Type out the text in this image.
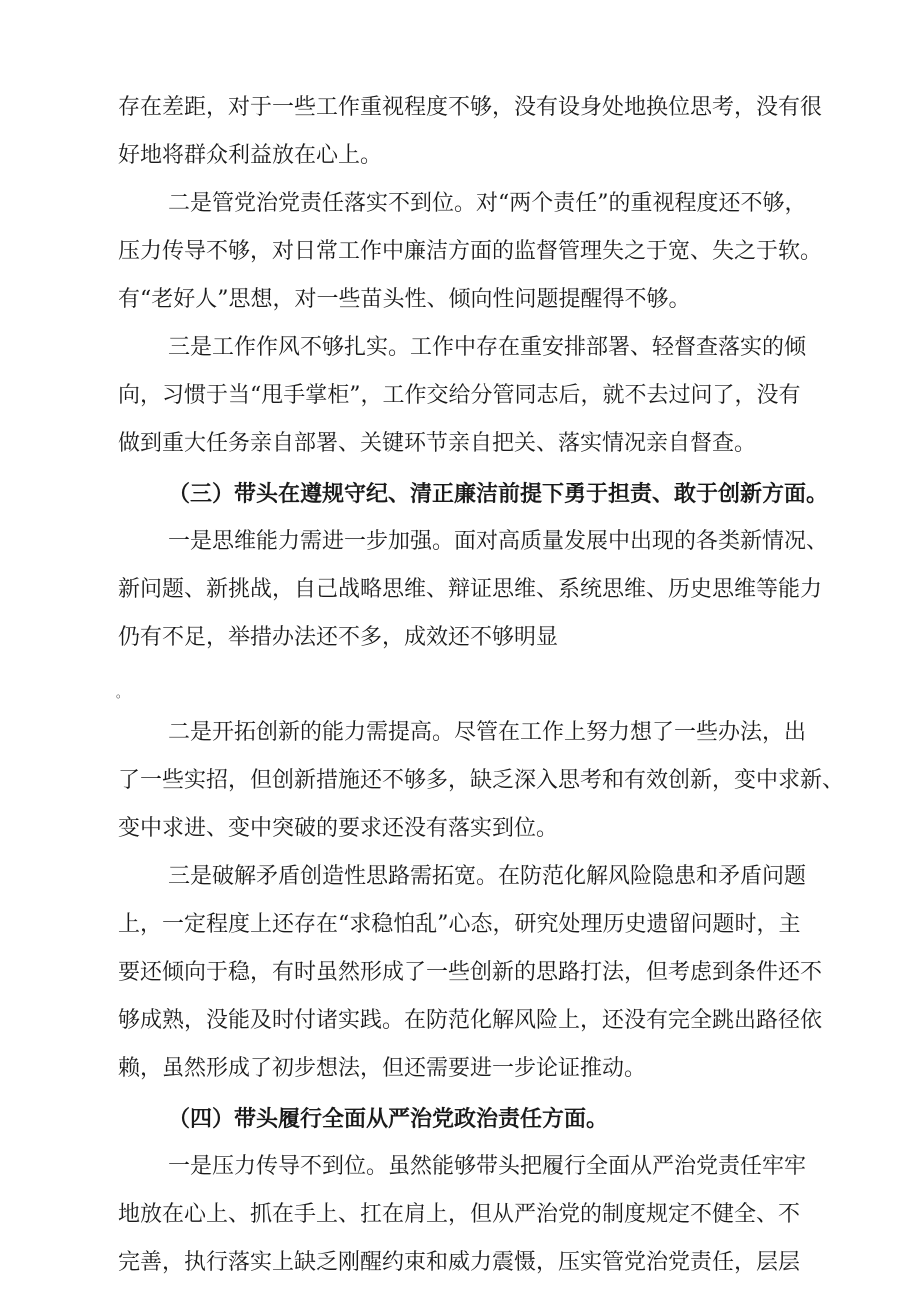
存在差距，对于一些工作重视程度不够，没有设身处地换位思考，没有很
好地将群众利益放在心上。
二是管党治党责任落实不到位。对“两个责任”的重视程度还不够，
压力传导不够，对日常工作中廉洁方面的监督管理失之于宽、失之于软。
有“老好人”思想，对一些苗头性、倾向性问题提醒得不够。
三是工作作风不够扎实。工作中存在重安排部署、轻督查落实的倾
向，习惯于当“甩手掌柜”，工作交给分管同志后，就不去过问了，没有
做到重大任务亲自部署、关键环节亲自把关、落实情况亲自督查。
（三）带头在遵规守纪、清正廉洁前提下勇于担责、敢于创新方面。
一是思维能力需进一步加强。面对高质量发展中出现的各类新情况、
新问题、新挑战，自己战略思维、辩证思维、系统思维、历史思维等能力
仍有不足，举措办法还不多，成效还不够明显
。
二是开拓创新的能力需提高。尽管在工作上努力想了一些办法，出
了一些实招，但创新措施还不够多，缺乏深入思考和有效创新，变中求新、
变中求进、变中突破的要求还没有落实到位。
三是破解矛盾创造性思路需拓宽。在防范化解风险隐患和矛盾问题
上，一定程度上还存在“求稳怕乱”心态，研究处理历史遗留问题时，主
要还倾向于稳，有时虽然形成了一些创新的思路打法，但考虑到条件还不
够成熟，没能及时付诸实践。在防范化解风险上，还没有完全跳出路径依
赖，虽然形成了初步想法，但还需要进一步论证推动。
（四）带头履行全面从严治党政治责任方面。
一是压力传导不到位。虽然能够带头把履行全面从严治党责任牢牢
地放在心上、抓在手上、扛在肩上，但从严治党的制度规定不健全、不
完善，执行落实上缺乏刚醒约束和威力震慑，压实管党治党责任，层层
